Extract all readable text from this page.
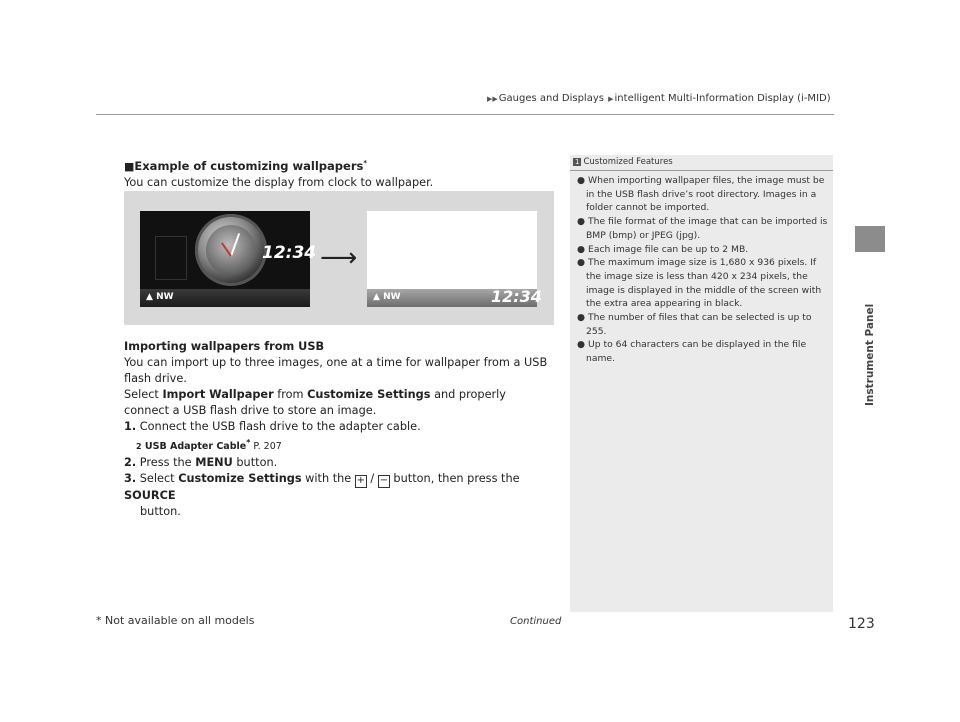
▶▶Gauges and Displays ▶intelligent Multi-Information Display (i-MID)
Instrument Panel
■Example of customizing wallpapers*

You can customize the display from clock to wallpaper.

12:34
▲ NW
⟶
▲ NW	12:34

Importing wallpapers from USB

You can import up to three images, one at a time for wallpaper from a USB flash drive.

Select Import Wallpaper from Customize Settings and properly connect a USB flash drive to store an image.

1. Connect the USB flash drive to the adapter cable.

2 USB Adapter Cable* P. 207

2. Press the MENU button.

3. Select Customize Settings with the + / − button, then press the SOURCE

button.

1 Customized Features
● When importing wallpaper files, the image must be in the USB flash drive’s root directory. Images in a folder cannot be imported.
● The file format of the image that can be imported is BMP (bmp) or JPEG (jpg).
● Each image file can be up to 2 MB.
● The maximum image size is 1,680 x 936 pixels. If the image size is less than 420 x 234 pixels, the image is displayed in the middle of the screen with the extra area appearing in black.
● The number of files that can be selected is up to 255.
● Up to 64 characters can be displayed in the file name.
* Not available on all models	Continued	123
